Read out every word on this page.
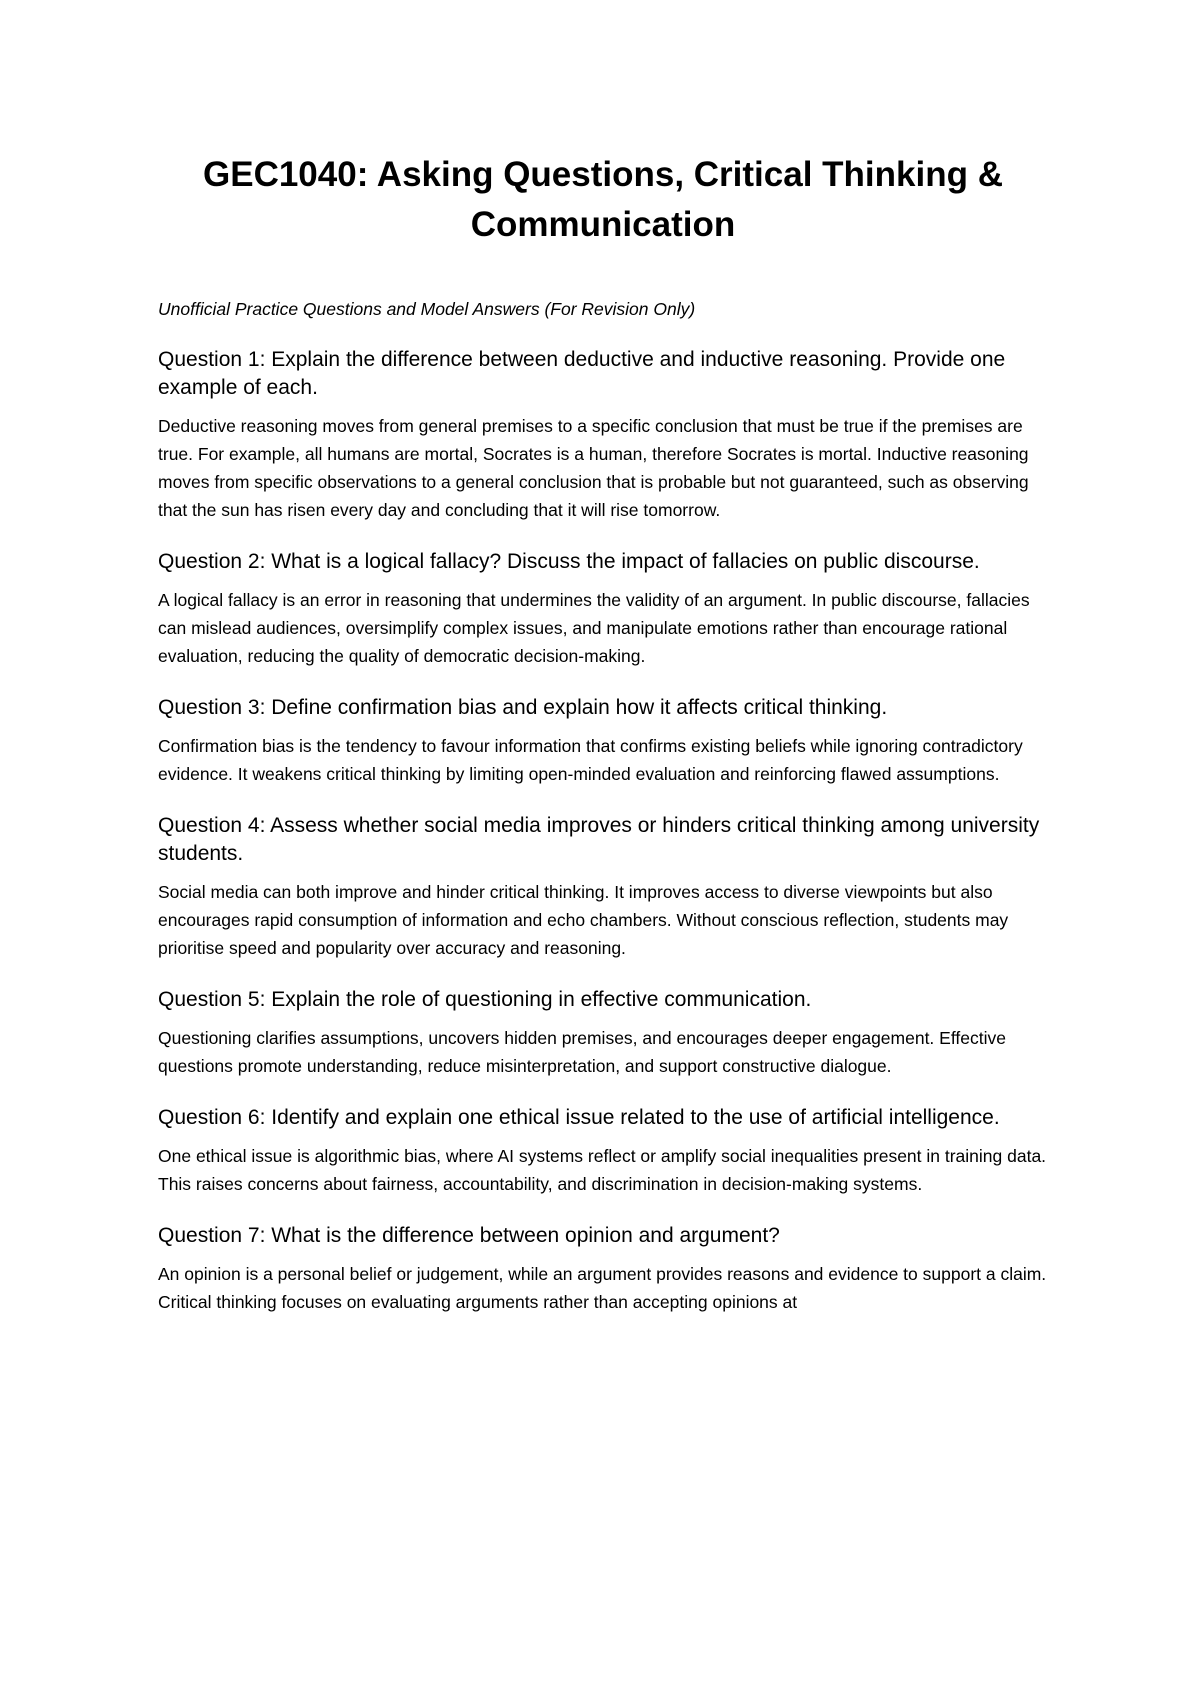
GEC1040: Asking Questions, Critical Thinking & Communication

Unofficial Practice Questions and Model Answers (For Revision Only)

Question 1: Explain the difference between deductive and inductive reasoning. Provide one example of each.

Deductive reasoning moves from general premises to a specific conclusion that must be true if the premises are true. For example, all humans are mortal, Socrates is a human, therefore Socrates is mortal. Inductive reasoning moves from specific observations to a general conclusion that is probable but not guaranteed, such as observing that the sun has risen every day and concluding that it will rise tomorrow.

Question 2: What is a logical fallacy? Discuss the impact of fallacies on public discourse.

A logical fallacy is an error in reasoning that undermines the validity of an argument. In public discourse, fallacies can mislead audiences, oversimplify complex issues, and manipulate emotions rather than encourage rational evaluation, reducing the quality of democratic decision-making.

Question 3: Define confirmation bias and explain how it affects critical thinking.

Confirmation bias is the tendency to favour information that confirms existing beliefs while ignoring contradictory evidence. It weakens critical thinking by limiting open-minded evaluation and reinforcing flawed assumptions.

Question 4: Assess whether social media improves or hinders critical thinking among university students.

Social media can both improve and hinder critical thinking. It improves access to diverse viewpoints but also encourages rapid consumption of information and echo chambers. Without conscious reflection, students may prioritise speed and popularity over accuracy and reasoning.

Question 5: Explain the role of questioning in effective communication.

Questioning clarifies assumptions, uncovers hidden premises, and encourages deeper engagement. Effective questions promote understanding, reduce misinterpretation, and support constructive dialogue.

Question 6: Identify and explain one ethical issue related to the use of artificial intelligence.

One ethical issue is algorithmic bias, where AI systems reflect or amplify social inequalities present in training data. This raises concerns about fairness, accountability, and discrimination in decision-making systems.

Question 7: What is the difference between opinion and argument?

An opinion is a personal belief or judgement, while an argument provides reasons and evidence to support a claim. Critical thinking focuses on evaluating arguments rather than accepting opinions at
